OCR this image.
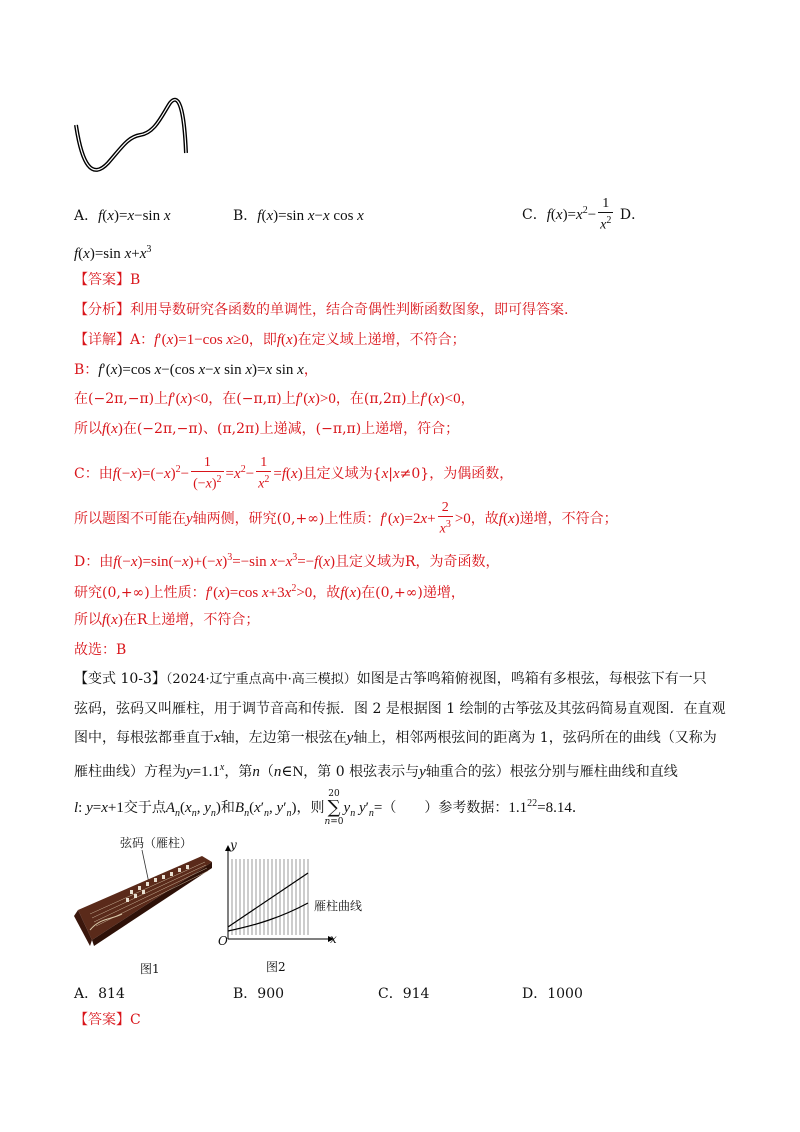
A．f(x)=x−sin x	B．f(x)=sin x−x cos x	C．$f(x)=x^2- \frac{1}{x^2}$ D．
f(x)=sin $x+x^3$
【答案】B
【分析】利用导数研究各函数的单调性，结合奇偶性判断函数图象，即可得答案.
【详解】A：f′(x)=1−cos x≥0，即f(x)在定义域上递增，不符合；
B：f′(x)=cos x−(cos x−x sin x)=x sin x，
在(−2π,−π)上f′(x)<0，在(−π,π)上f′(x)>0，在(π,2π)上f′(x)<0，
所以f(x)在(−2π,−π)、(π,2π)上递减，(−π,π)上递增，符合；
C：由$f(-x)=(-x)^2- \frac{1}{(-x)^2} =x^2- \frac{1}{x^2} =f(x)$且定义域为{x|x≠0}，为偶函数，
所以题图不可能在y轴两侧，研究(0,+∞)上性质：$f'(x)=2x+ \frac{2}{x^3} >0$，故f(x)递增，不符合；
D：由$f(-x)=\sin(-x)+(-x)^3=-\sin$ $x-x^3=-f(x)$且定义域为R，为奇函数，
研究(0,+∞)上性质：f′(x)=cos $x+3x^2>0$，故f(x)在(0,+∞)递增，
所以f(x)在R上递增，不符合；
故选：B
【变式 10-3】（2024·辽宁重点高中·高三模拟）如图是古筝鸣箱俯视图，鸣箱有多根弦，每根弦下有一只
弦码，弦码又叫雁柱，用于调节音高和传振．图 2 是根据图 1 绘制的古筝弦及其弦码简易直观图．在直观
图中，每根弦都垂直于x轴，左边第一根弦在y轴上，相邻两根弦间的距离为 1，弦码所在的曲线（又称为
雁柱曲线）方程为$y=1.1^x$，第n（n∈N，第 0 根弦表示与y轴重合的弦）根弦分别与雁柱曲线和直线
l: y=x+1交于点$A_n(x_n$, $y_n$)和$B_n(x'_n$, $y'_n$)，则
20
∑
n=0
$y_n$ $y'_n=$（　　）参考数据：$1.1^{22}=8.14$．
弦码（雁柱）
图1
y
x
O
雁柱曲线
图2
A．814	B．900	C．914	D．1000
【答案】C
